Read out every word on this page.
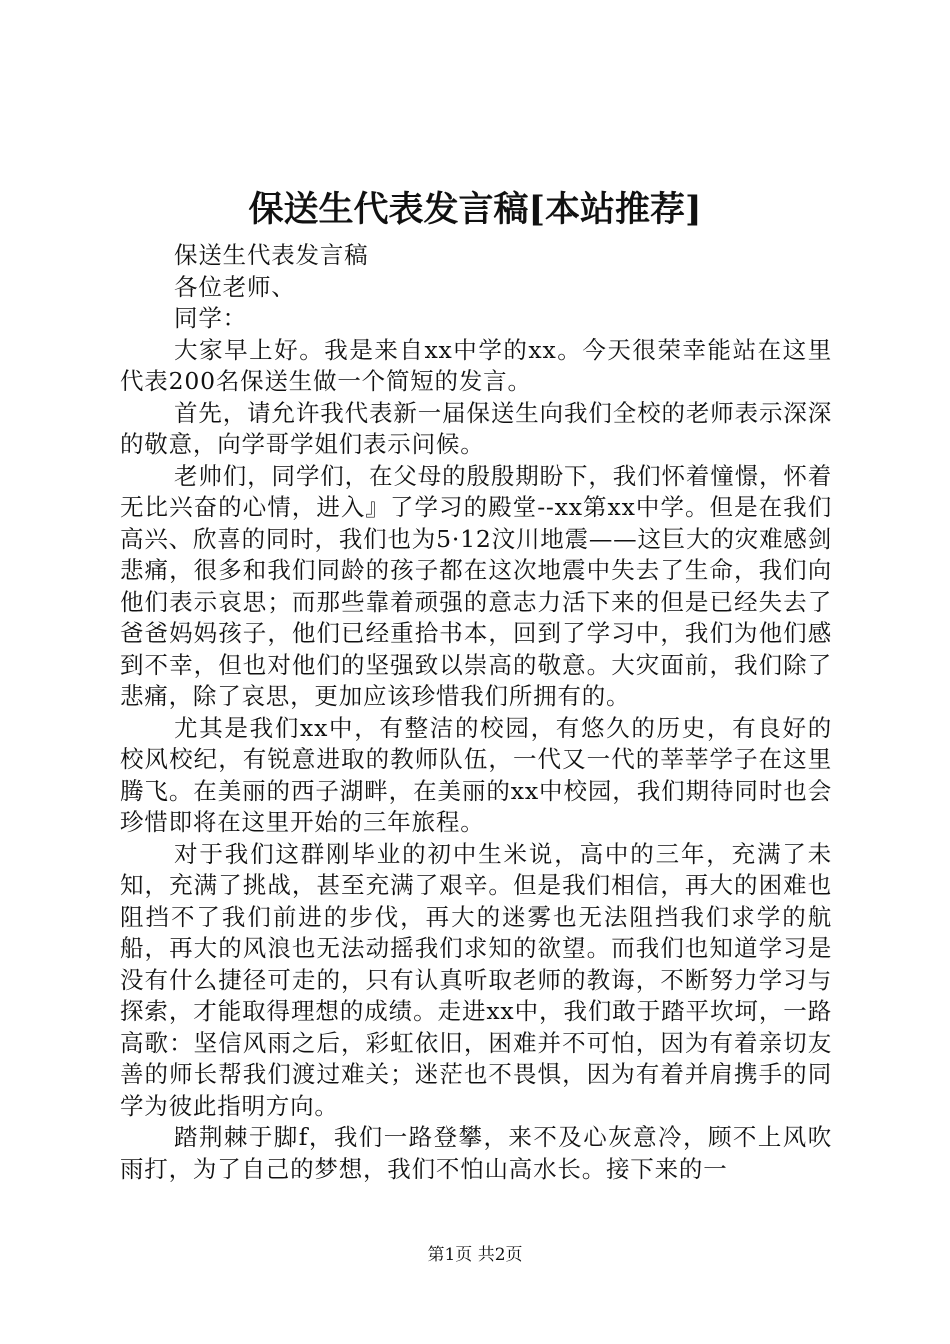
保送生代表发言稿[本站推荐]

保送生代表发言稿

各位老师、

同学：

大家早上好。我是来自xx中学的xx。今天很荣幸能站在这里代表200名保送生做一个简短的发言。

首先，请允许我代表新一届保送生向我们全校的老师表示深深的敬意，向学哥学姐们表示问候。

老帅们，同学们，在父母的殷殷期盼下，我们怀着憧憬，怀着无比兴奋的心情，进入』了学习的殿堂--xx第xx中学。但是在我们高兴、欣喜的同时，我们也为5·12汶川地震——这巨大的灾难感剑悲痛，很多和我们同龄的孩子都在这次地震中失去了生命，我们向他们表示哀思；而那些靠着顽强的意志力活下来的但是已经失去了爸爸妈妈孩子，他们已经重拾书本，回到了学习中，我们为他们感到不幸，但也对他们的坚强致以崇高的敬意。大灾面前，我们除了悲痛，除了哀思，更加应该珍惜我们所拥有的。

尤其是我们xx中，有整洁的校园，有悠久的历史，有良好的校风校纪，有锐意进取的教师队伍，一代又一代的莘莘学子在这里腾飞。在美丽的西子湖畔，在美丽的xx中校园，我们期待同时也会珍惜即将在这里开始的三年旅程。

对于我们这群刚毕业的初中生米说，高中的三年，充满了未知，充满了挑战，甚至充满了艰辛。但是我们相信，再大的困难也阻挡不了我们前进的步伐，再大的迷雾也无法阻挡我们求学的航船，再大的风浪也无法动摇我们求知的欲望。而我们也知道学习是没有什么捷径可走的，只有认真听取老师的教诲，不断努力学习与探索，才能取得理想的成绩。走进xx中，我们敢于踏平坎坷，一路高歌：坚信风雨之后，彩虹依旧，困难并不可怕，因为有着亲切友善的师长帮我们渡过难关；迷茫也不畏惧，因为有着并肩携手的同学为彼此指明方向。

踏荆棘于脚f，我们一路登攀，来不及心灰意冷，顾不上风吹雨打，为了自己的梦想，我们不怕山高水长。接下来的一

第1页 共2页
